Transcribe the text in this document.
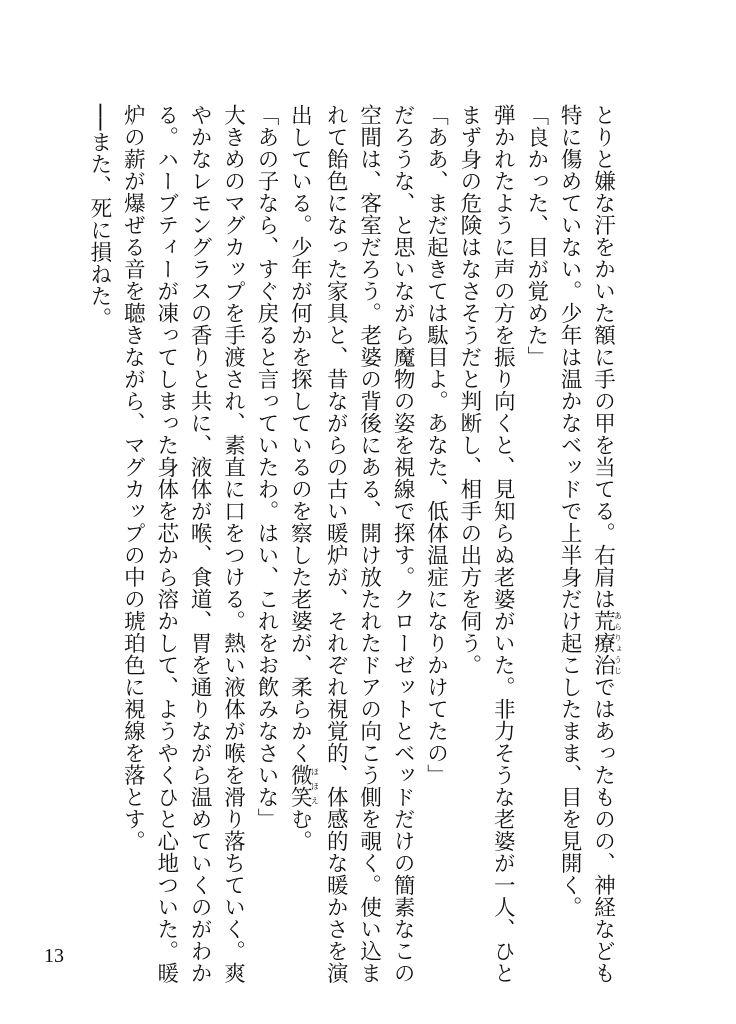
とりと嫌な汗をかいた額に手の甲を当てる。右肩は荒療治あらりょうじではあったものの、神経なども

特に傷めていない。少年は温かなベッドで上半身だけ起こしたまま、目を見開く。

「良かった、目が覚めた」

弾かれたように声の方を振り向くと、見知らぬ老婆がいた。非力そうな老婆が一人、ひと

まず身の危険はなさそうだと判断し、相手の出方を伺う。

「ああ、まだ起きては駄目よ。あなた、低体温症になりかけてたの」

だろうな、と思いながら魔物の姿を視線で探す。クローゼットとベッドだけの簡素なこの

空間は、客室だろう。老婆の背後にある、開け放たれたドアの向こう側を覗く。使い込ま

れて飴色になった家具と、昔ながらの古い暖炉が、それぞれ視覚的、体感的な暖かさを演

出している。少年が何かを探しているのを察した老婆が、柔らかく微笑ほほえむ。

「あの子なら、すぐ戻ると言っていたわ。はい、これをお飲みなさいな」

大きめのマグカップを手渡され、素直に口をつける。熱い液体が喉を滑り落ちていく。爽

やかなレモングラスの香りと共に、液体が喉、食道、胃を通りながら温めていくのがわか

る。ハーブティーが凍ってしまった身体を芯から溶かして、ようやくひと心地ついた。暖

炉の薪が爆ぜる音を聴きながら、マグカップの中の琥珀色に視線を落とす。

──また、死に損ねた。

13
